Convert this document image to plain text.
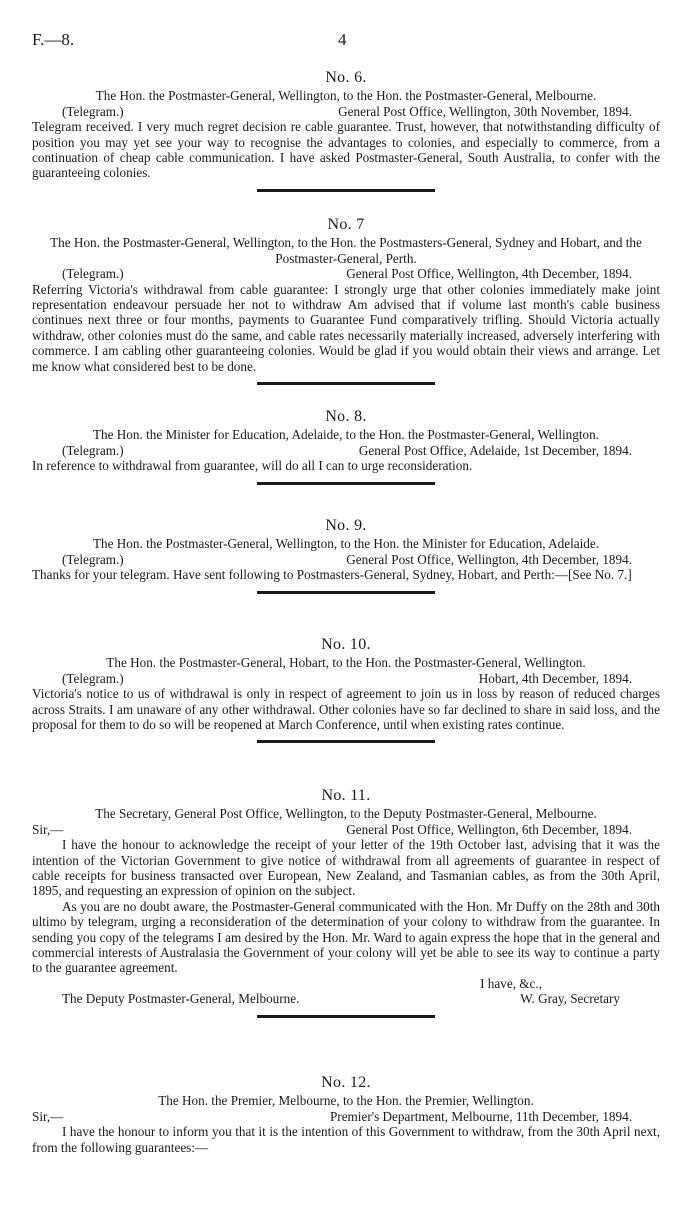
F.—8.	4
No. 6.

The Hon. the Postmaster-General, Wellington, to the Hon. the Postmaster-General, Melbourne.

(Telegram.)	General Post Office, Wellington, 30th November, 1894.

Telegram received. I very much regret decision re cable guarantee. Trust, however, that notwithstanding difficulty of position you may yet see your way to recognise the advantages to colonies, and especially to commerce, from a continuation of cheap cable communication. I have asked Postmaster-General, South Australia, to confer with the guaranteeing colonies.

No. 7

The Hon. the Postmaster-General, Wellington, to the Hon. the Postmasters-General, Sydney and Hobart, and the Postmaster-General, Perth.

(Telegram.)	General Post Office, Wellington, 4th December, 1894.

Referring Victoria's withdrawal from cable guarantee: I strongly urge that other colonies immediately make joint representation endeavour persuade her not to withdraw Am advised that if volume last month's cable business continues next three or four months, payments to Guarantee Fund comparatively trifling. Should Victoria actually withdraw, other colonies must do the same, and cable rates necessarily materially increased, adversely interfering with commerce. I am cabling other guaranteeing colonies. Would be glad if you would obtain their views and arrange. Let me know what considered best to be done.

No. 8.

The Hon. the Minister for Education, Adelaide, to the Hon. the Postmaster-General, Wellington.

(Telegram.)	General Post Office, Adelaide, 1st December, 1894.

In reference to withdrawal from guarantee, will do all I can to urge reconsideration.

No. 9.

The Hon. the Postmaster-General, Wellington, to the Hon. the Minister for Education, Adelaide.

(Telegram.)	General Post Office, Wellington, 4th December, 1894.

Thanks for your telegram. Have sent following to Postmasters-General, Sydney, Hobart, and Perth:—[See No. 7.]

No. 10.

The Hon. the Postmaster-General, Hobart, to the Hon. the Postmaster-General, Wellington.

(Telegram.)	Hobart, 4th December, 1894.

Victoria's notice to us of withdrawal is only in respect of agreement to join us in loss by reason of reduced charges across Straits. I am unaware of any other withdrawal. Other colonies have so far declined to share in said loss, and the proposal for them to do so will be reopened at March Conference, until when existing rates continue.

No. 11.

The Secretary, General Post Office, Wellington, to the Deputy Postmaster-General, Melbourne.

Sir,—	General Post Office, Wellington, 6th December, 1894.

I have the honour to acknowledge the receipt of your letter of the 19th October last, advising that it was the intention of the Victorian Government to give notice of withdrawal from all agreements of guarantee in respect of cable receipts for business transacted over European, New Zealand, and Tasmanian cables, as from the 30th April, 1895, and requesting an expression of opinion on the subject.

As you are no doubt aware, the Postmaster-General communicated with the Hon. Mr Duffy on the 28th and 30th ultimo by telegram, urging a reconsideration of the determination of your colony to withdraw from the guarantee. In sending you copy of the telegrams I am desired by the Hon. Mr. Ward to again express the hope that in the general and commercial interests of Australasia the Government of your colony will yet be able to see its way to continue a party to the guarantee agreement.

I have, &c.,
The Deputy Postmaster-General, Melbourne.	W. Gray, Secretary
No. 12.

The Hon. the Premier, Melbourne, to the Hon. the Premier, Wellington.

Sir,—	Premier's Department, Melbourne, 11th December, 1894.

I have the honour to inform you that it is the intention of this Government to withdraw, from the 30th April next, from the following guarantees:—
